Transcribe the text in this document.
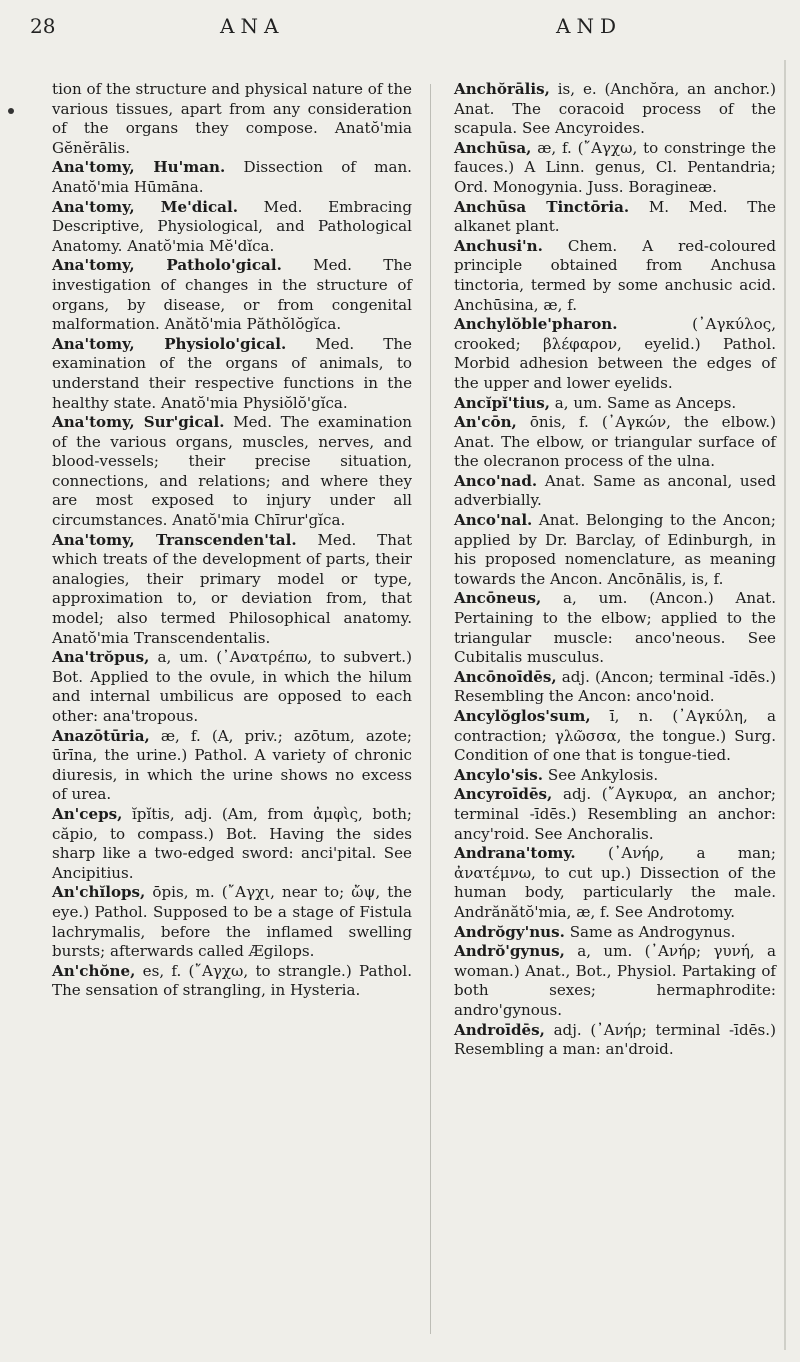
28	ANA	AND

tion of the structure and physical nature of the various tissues, apart from any consideration of the organs they compose. Anatŏ'mia Gĕnĕrālis.

Ana'tomy, Hu'man. Dissection of man. Anatŏ'mia Hūmāna.

Ana'tomy, Me'dical. Med. Embracing Descriptive, Physiological, and Pathological Anatomy. Anatŏ'mia Mĕ'dĭca.

Ana'tomy, Patholo'gical. Med. The investigation of changes in the structure of organs, by disease, or from congenital malformation. Anătŏ'mia Păthŏlŏgĭca.

Ana'tomy, Physiolo'gical. Med. The examination of the organs of animals, to understand their respective functions in the healthy state. Anatŏ'mia Physiŏlŏ'gĭca.

Ana'tomy, Sur'gical. Med. The examination of the various organs, muscles, nerves, and blood-vessels; their precise situation, connections, and relations; and where they are most exposed to injury under all circumstances. Anatŏ'mia Chīrur'gĭca.

Ana'tomy, Transcenden'tal. Med. That which treats of the development of parts, their analogies, their primary model or type, approximation to, or deviation from, that model; also termed Philosophical anatomy. Anatŏ'mia Transcendentalis.

Ana'trŏpus, a, um. (᾿Ανατρέπω, to subvert.) Bot. Applied to the ovule, in which the hilum and internal umbilicus are opposed to each other: ana'tropous.

Anazōtūria, æ, f. (A, priv.; azōtum, azote; ūrīna, the urine.) Pathol. A variety of chronic diuresis, in which the urine shows no excess of urea.

An'ceps, ĭpĭtis, adj. (Am, from ἀμφὶς, both; căpio, to compass.) Bot. Having the sides sharp like a two-edged sword: anci'pital. See Ancipitius.

An'chĭlops, ōpis, m. (῎Αγχι, near to; ὤψ, the eye.) Pathol. Supposed to be a stage of Fistula lachrymalis, before the inflamed swelling bursts; afterwards called Ægilops.

An'chŏne, es, f. (῎Αγχω, to strangle.) Pathol. The sensation of strangling, in Hysteria.

Anchŏrālis, is, e. (Anchŏra, an anchor.) Anat. The coracoid process of the scapula. See Ancyroides.

Anchūsa, æ, f. (῎Αγχω, to constringe the fauces.) A Linn. genus, Cl. Pentandria; Ord. Monogynia. Juss. Boragineæ.

Anchūsa Tinctōria. M. Med. The alkanet plant.

Anchusi'n. Chem. A red-coloured principle obtained from Anchusa tinctoria, termed by some anchusic acid. Anchūsina, æ, f.

Anchylŏble'pharon.	(᾿Αγκύλος, crooked; βλέφαρον, eyelid.) Pathol. Morbid adhesion between the edges of the upper and lower eyelids.

Ancĭpĭ'tius, a, um. Same as Anceps.

An'cōn, ōnis, f. (᾿Αγκών, the elbow.) Anat. The elbow, or triangular surface of the olecranon process of the ulna.

Anco'nad. Anat. Same as anconal, used adverbially.

Anco'nal. Anat. Belonging to the Ancon; applied by Dr. Barclay, of Edinburgh, in his proposed nomenclature, as meaning towards the Ancon. Ancōnālis, is, f.

Ancōneus, a, um. (Ancon.) Anat. Pertaining to the elbow; applied to the triangular muscle: anco'neous. See Cubitalis musculus.

Ancōnoīdēs, adj. (Ancon; terminal -īdēs.) Resembling the Ancon: anco'noid.

Ancylŏglos'sum, ī, n. (᾿Αγκύλη, a contraction; γλῶσσα, the tongue.) Surg. Condition of one that is tongue-tied.

Ancylo'sis. See Ankylosis.

Ancyroīdēs, adj. (῎Αγκυρα, an anchor; terminal -īdēs.) Resembling an anchor: ancy'roid. See Anchoralis.

Andrana'tomy. (᾿Ανήρ, a man; ἀνατέμνω, to cut up.) Dissection of the human body, particularly the male. Andrănătŏ'mia, æ, f. See Androtomy.

Andrŏgy'nus. Same as Androgynus.

Andrŏ'gynus, a, um. (᾿Ανήρ; γυνή, a woman.) Anat., Bot., Physiol. Partaking of both sexes; hermaphrodite: andro'gynous.

Androīdēs, adj. (᾿Ανήρ; terminal -īdēs.) Resembling a man: an'droid.
